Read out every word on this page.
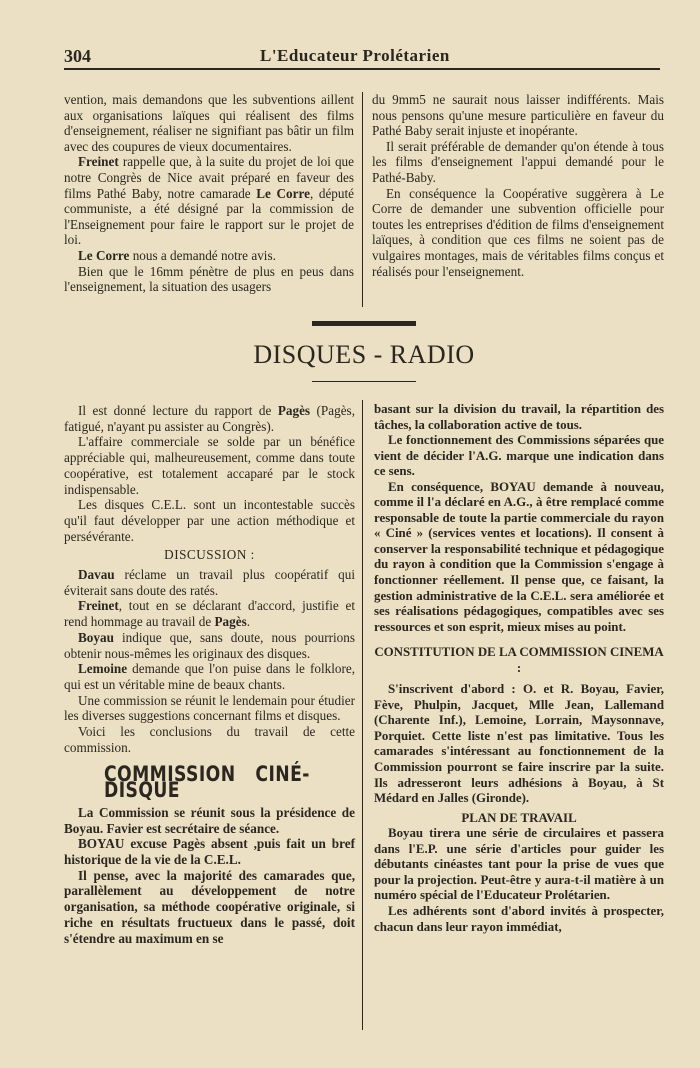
304	L'Educateur Prolétarien

vention, mais demandons que les subventions aillent aux organisations laïques qui réalisent des films d'enseignement, réaliser ne signifiant pas bâtir un film avec des coupures de vieux documentaires.

Freinet rappelle que, à la suite du projet de loi que notre Congrès de Nice avait préparé en faveur des films Pathé Baby, notre camarade Le Corre, député communiste, a été désigné par la commission de l'Enseignement pour faire le rapport sur le projet de loi.

Le Corre nous a demandé notre avis.

Bien que le 16mm pénètre de plus en peus dans l'enseignement, la situation des usagers

du 9mm5 ne saurait nous laisser indifférents. Mais nous pensons qu'une mesure particulière en faveur du Pathé Baby serait injuste et inopérante.

Il serait préférable de demander qu'on étende à tous les films d'enseignement l'appui demandé pour le Pathé-Baby.

En conséquence la Coopérative suggèrera à Le Corre de demander une subvention officielle pour toutes les entreprises d'édition de films d'enseignement laïques, à condition que ces films ne soient pas de vulgaires montages, mais de véritables films conçus et réalisés pour l'enseignement.

DISQUES - RADIO

Il est donné lecture du rapport de Pagès (Pagès, fatigué, n'ayant pu assister au Congrès).

L'affaire commerciale se solde par un bénéfice appréciable qui, malheureusement, comme dans toute coopérative, est totalement accaparé par le stock indispensable.

Les disques C.E.L. sont un incontestable succès qu'il faut développer par une action méthodique et persévérante.

DISCUSSION :

Davau réclame un travail plus coopératif qui éviterait sans doute des ratés.

Freinet, tout en se déclarant d'accord, justifie et rend hommage au travail de Pagès.

Boyau indique que, sans doute, nous pourrions obtenir nous-mêmes les originaux des disques.

Lemoine demande que l'on puise dans le folklore, qui est un véritable mine de beaux chants.

Une commission se réunit le lendemain pour étudier les diverses suggestions concernant films et disques.

Voici les conclusions du travail de cette commission.

COMMISSION CINÉ-DISQUE

La Commission se réunit sous la présidence de Boyau. Favier est secrétaire de séance.

BOYAU excuse Pagès absent ,puis fait un bref historique de la vie de la C.E.L.

Il pense, avec la majorité des camarades que, parallèlement au développement de notre organisation, sa méthode coopérative originale, si riche en résultats fructueux dans le passé, doit s'étendre au maximum en se

basant sur la division du travail, la répartition des tâches, la collaboration active de tous.

Le fonctionnement des Commissions séparées que vient de décider l'A.G. marque une indication dans ce sens.

En conséquence, BOYAU demande à nouveau, comme il l'a déclaré en A.G., à être remplacé comme responsable de toute la partie commerciale du rayon « Ciné » (services ventes et locations). Il consent à conserver la responsabilité technique et pédagogique du rayon à condition que la Commission s'engage à fonctionner réellement. Il pense que, ce faisant, la gestion administrative de la C.E.L. sera améliorée et ses réalisations pédagogiques, compatibles avec ses ressources et son esprit, mieux mises au point.

CONSTITUTION DE LA COMMISSION CINEMA :

S'inscrivent d'abord : O. et R. Boyau, Favier, Fève, Phulpin, Jacquet, Mlle Jean, Lallemand (Charente Inf.), Lemoine, Lorrain, Maysonnave, Porquiet. Cette liste n'est pas limitative. Tous les camarades s'intéressant au fonctionnement de la Commission pourront se faire inscrire par la suite. Ils adresseront leurs adhésions à Boyau, à St Médard en Jalles (Gironde).

PLAN DE TRAVAIL

Boyau tirera une série de circulaires et passera dans l'E.P. une série d'articles pour guider les débutants cinéastes tant pour la prise de vues que pour la projection. Peut-être y aura-t-il matière à un numéro spécial de l'Educateur Prolétarien.

Les adhérents sont d'abord invités à prospecter, chacun dans leur rayon immédiat,
